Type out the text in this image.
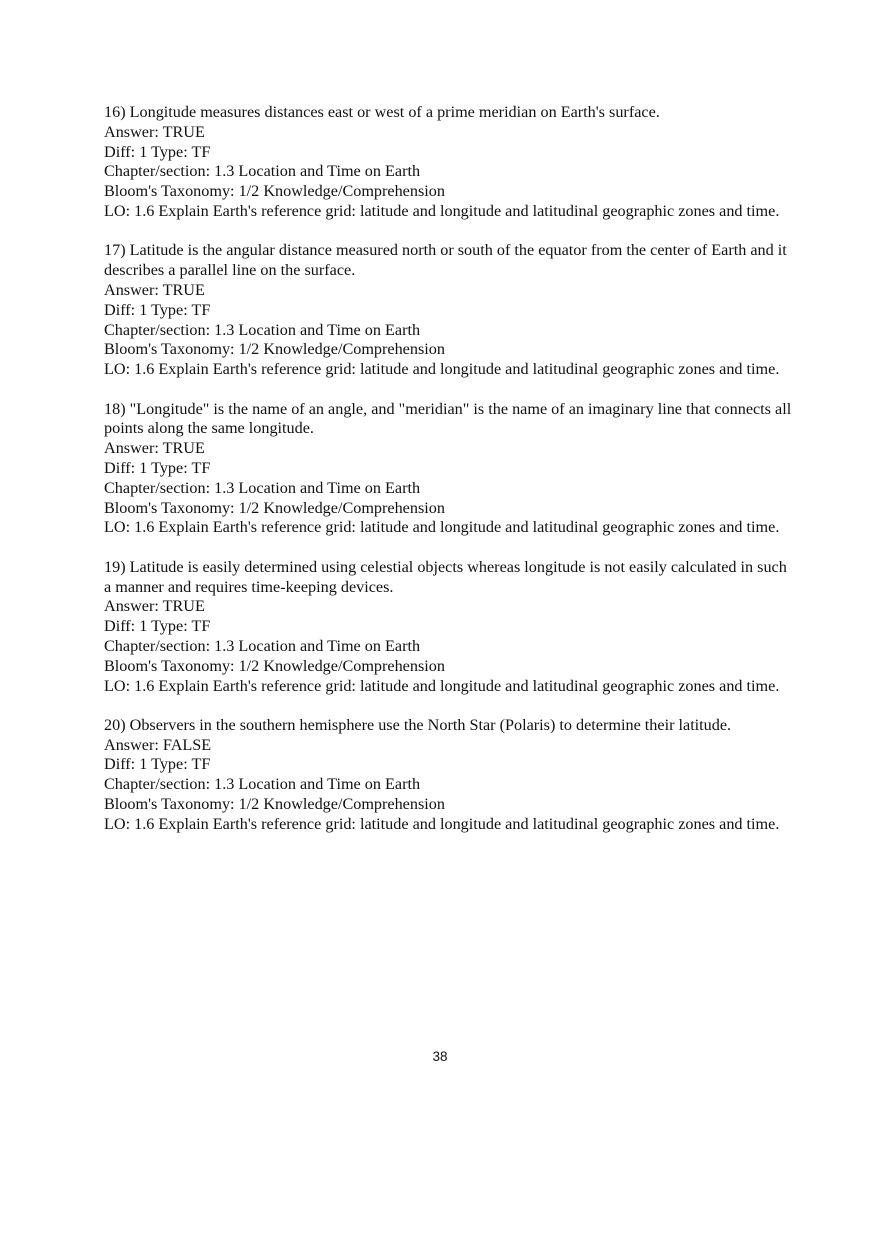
16) Longitude measures distances east or west of a prime meridian on Earth's surface.
Answer: TRUE
Diff: 1 Type: TF
Chapter/section: 1.3 Location and Time on Earth
Bloom's Taxonomy: 1/2 Knowledge/Comprehension
LO: 1.6 Explain Earth's reference grid: latitude and longitude and latitudinal geographic zones and time.
17) Latitude is the angular distance measured north or south of the equator from the center of Earth and it describes a parallel line on the surface.
Answer: TRUE
Diff: 1 Type: TF
Chapter/section: 1.3 Location and Time on Earth
Bloom's Taxonomy: 1/2 Knowledge/Comprehension
LO: 1.6 Explain Earth's reference grid: latitude and longitude and latitudinal geographic zones and time.
18) "Longitude" is the name of an angle, and "meridian" is the name of an imaginary line that connects all points along the same longitude.
Answer: TRUE
Diff: 1 Type: TF
Chapter/section: 1.3 Location and Time on Earth
Bloom's Taxonomy: 1/2 Knowledge/Comprehension
LO: 1.6 Explain Earth's reference grid: latitude and longitude and latitudinal geographic zones and time.
19) Latitude is easily determined using celestial objects whereas longitude is not easily calculated in such a manner and requires time-keeping devices.
Answer: TRUE
Diff: 1 Type: TF
Chapter/section: 1.3 Location and Time on Earth
Bloom's Taxonomy: 1/2 Knowledge/Comprehension
LO: 1.6 Explain Earth's reference grid: latitude and longitude and latitudinal geographic zones and time.
20) Observers in the southern hemisphere use the North Star (Polaris) to determine their latitude.
Answer: FALSE
Diff: 1 Type: TF
Chapter/section: 1.3 Location and Time on Earth
Bloom's Taxonomy: 1/2 Knowledge/Comprehension
LO: 1.6 Explain Earth's reference grid: latitude and longitude and latitudinal geographic zones and time.
38
